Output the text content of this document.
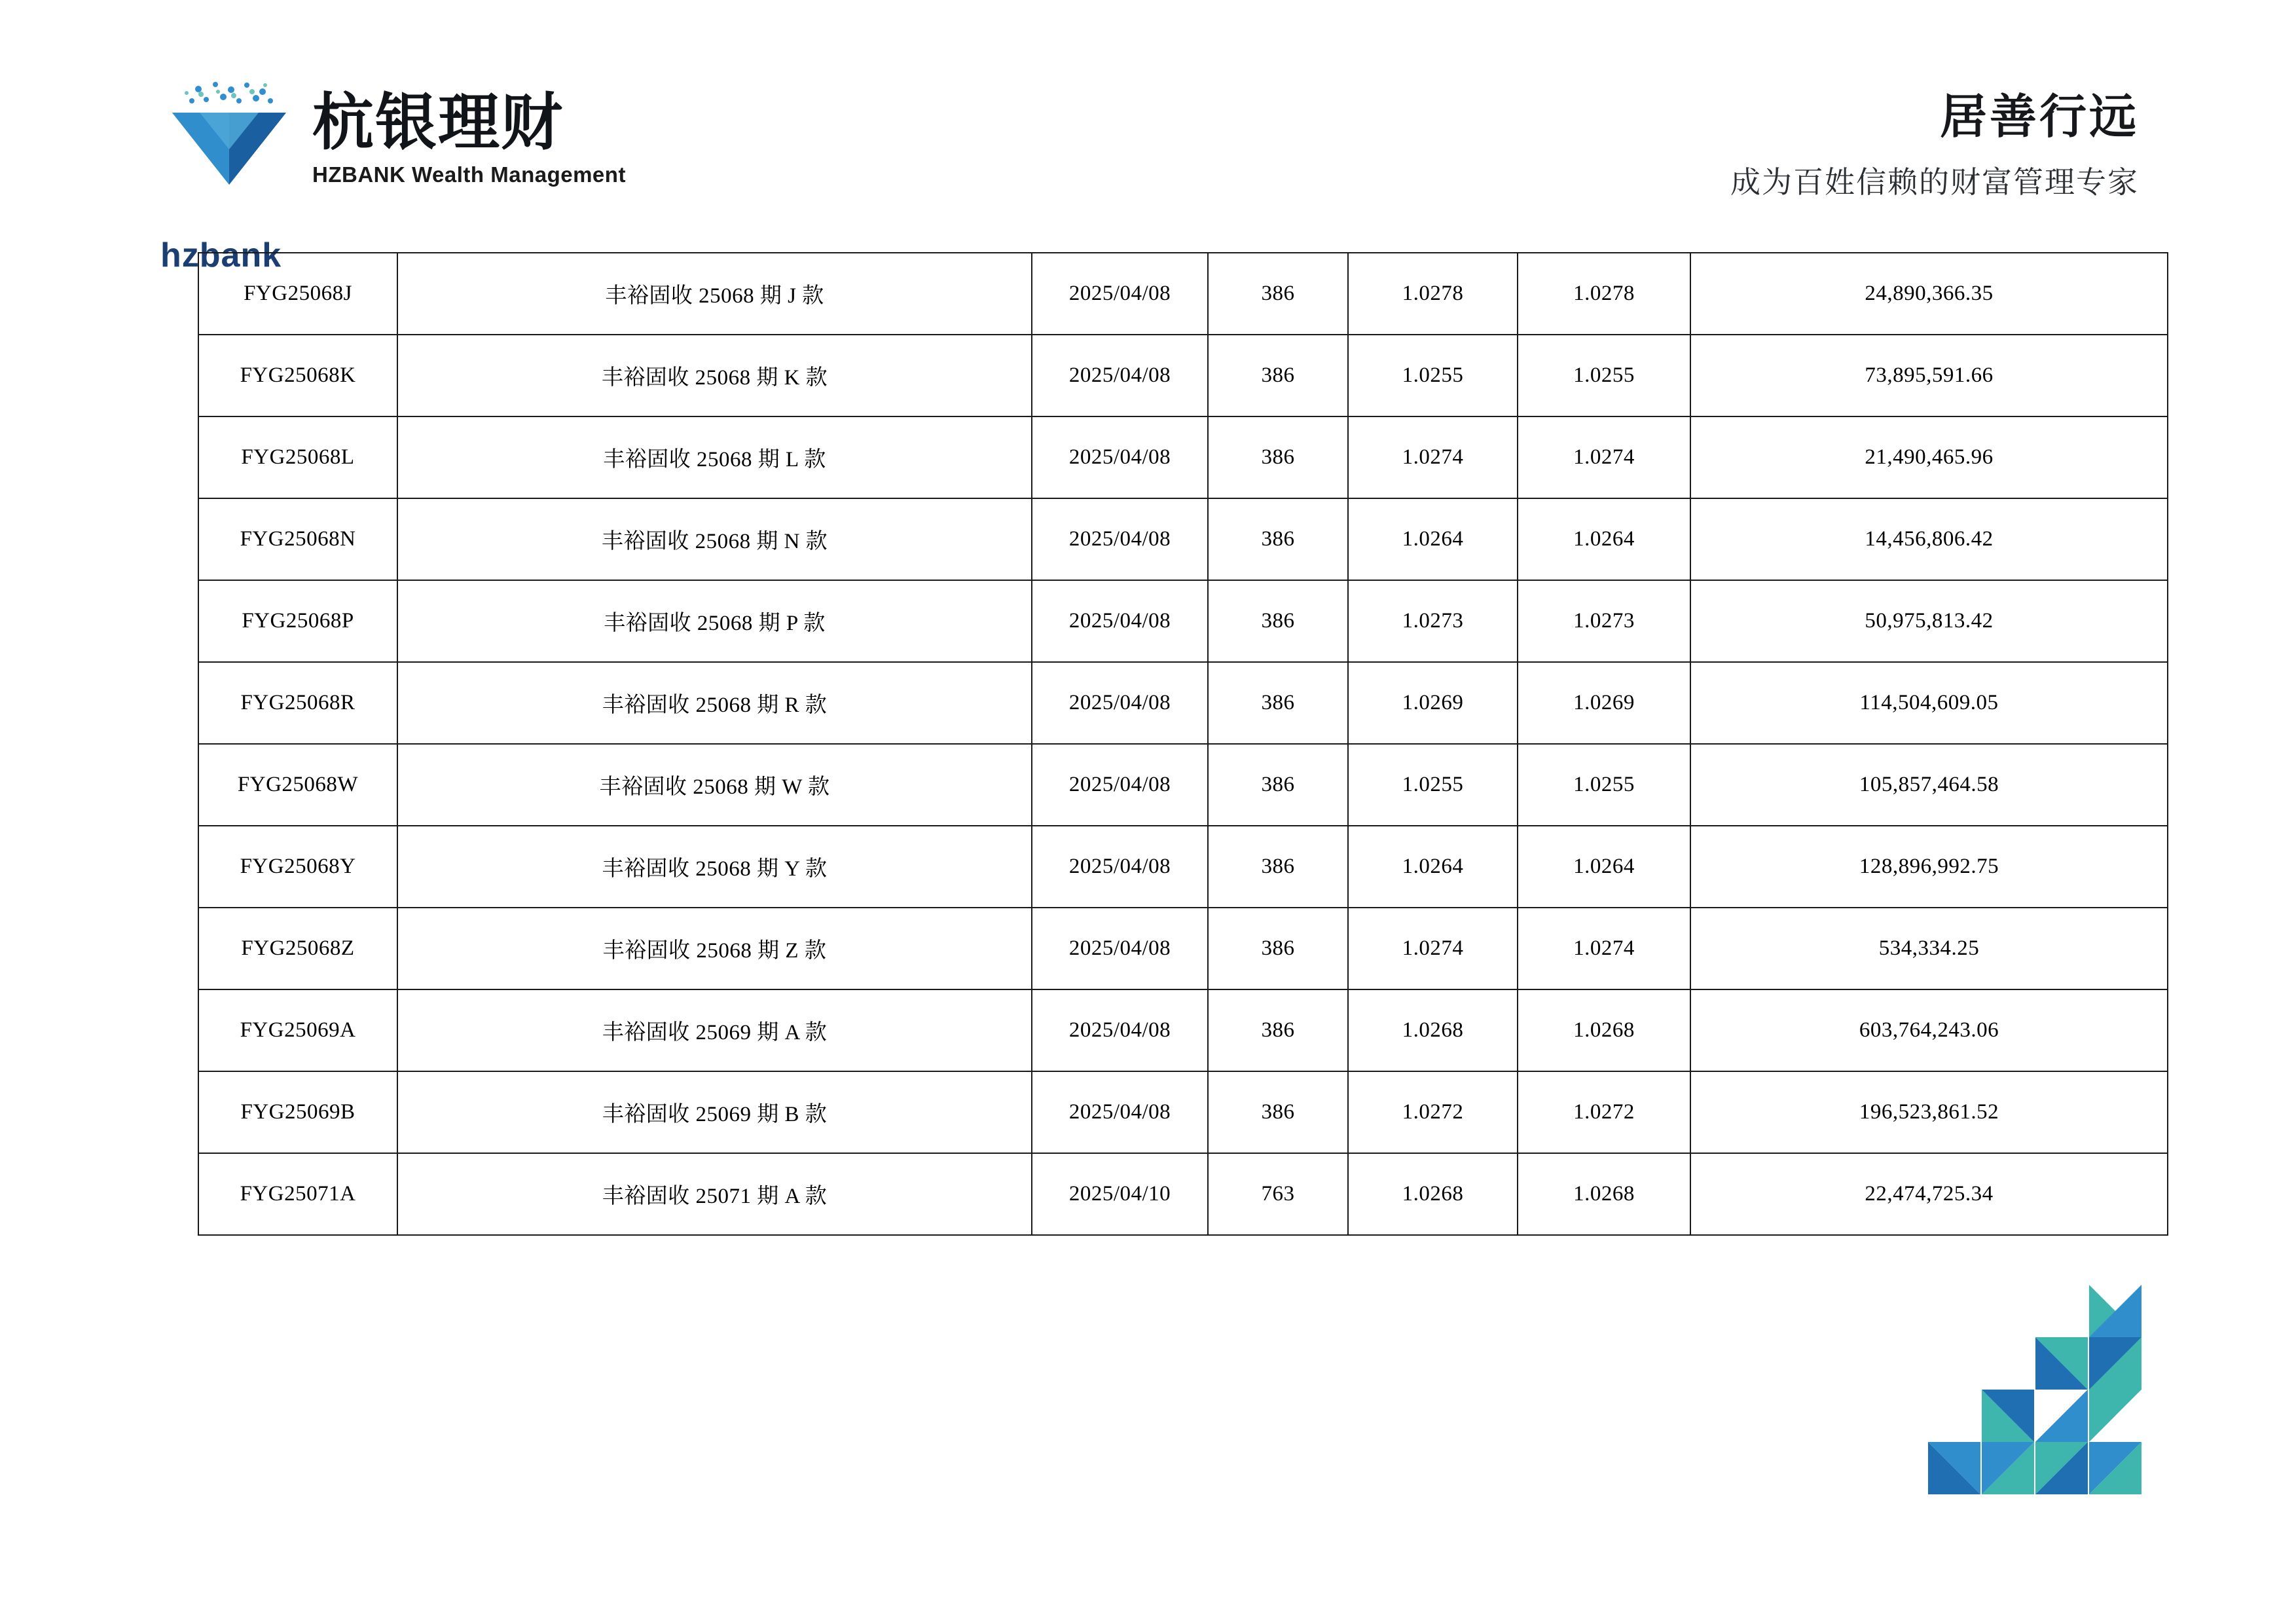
杭银理财
HZBANK Wealth Management
hzbank
居善行远
成为百姓信赖的财富管理专家
FYG25068J	丰裕固收 25068 期 J 款	2025/04/08	386	1.0278	1.0278	24,890,366.35
FYG25068K	丰裕固收 25068 期 K 款	2025/04/08	386	1.0255	1.0255	73,895,591.66
FYG25068L	丰裕固收 25068 期 L 款	2025/04/08	386	1.0274	1.0274	21,490,465.96
FYG25068N	丰裕固收 25068 期 N 款	2025/04/08	386	1.0264	1.0264	14,456,806.42
FYG25068P	丰裕固收 25068 期 P 款	2025/04/08	386	1.0273	1.0273	50,975,813.42
FYG25068R	丰裕固收 25068 期 R 款	2025/04/08	386	1.0269	1.0269	114,504,609.05
FYG25068W	丰裕固收 25068 期 W 款	2025/04/08	386	1.0255	1.0255	105,857,464.58
FYG25068Y	丰裕固收 25068 期 Y 款	2025/04/08	386	1.0264	1.0264	128,896,992.75
FYG25068Z	丰裕固收 25068 期 Z 款	2025/04/08	386	1.0274	1.0274	534,334.25
FYG25069A	丰裕固收 25069 期 A 款	2025/04/08	386	1.0268	1.0268	603,764,243.06
FYG25069B	丰裕固收 25069 期 B 款	2025/04/08	386	1.0272	1.0272	196,523,861.52
FYG25071A	丰裕固收 25071 期 A 款	2025/04/10	763	1.0268	1.0268	22,474,725.34
